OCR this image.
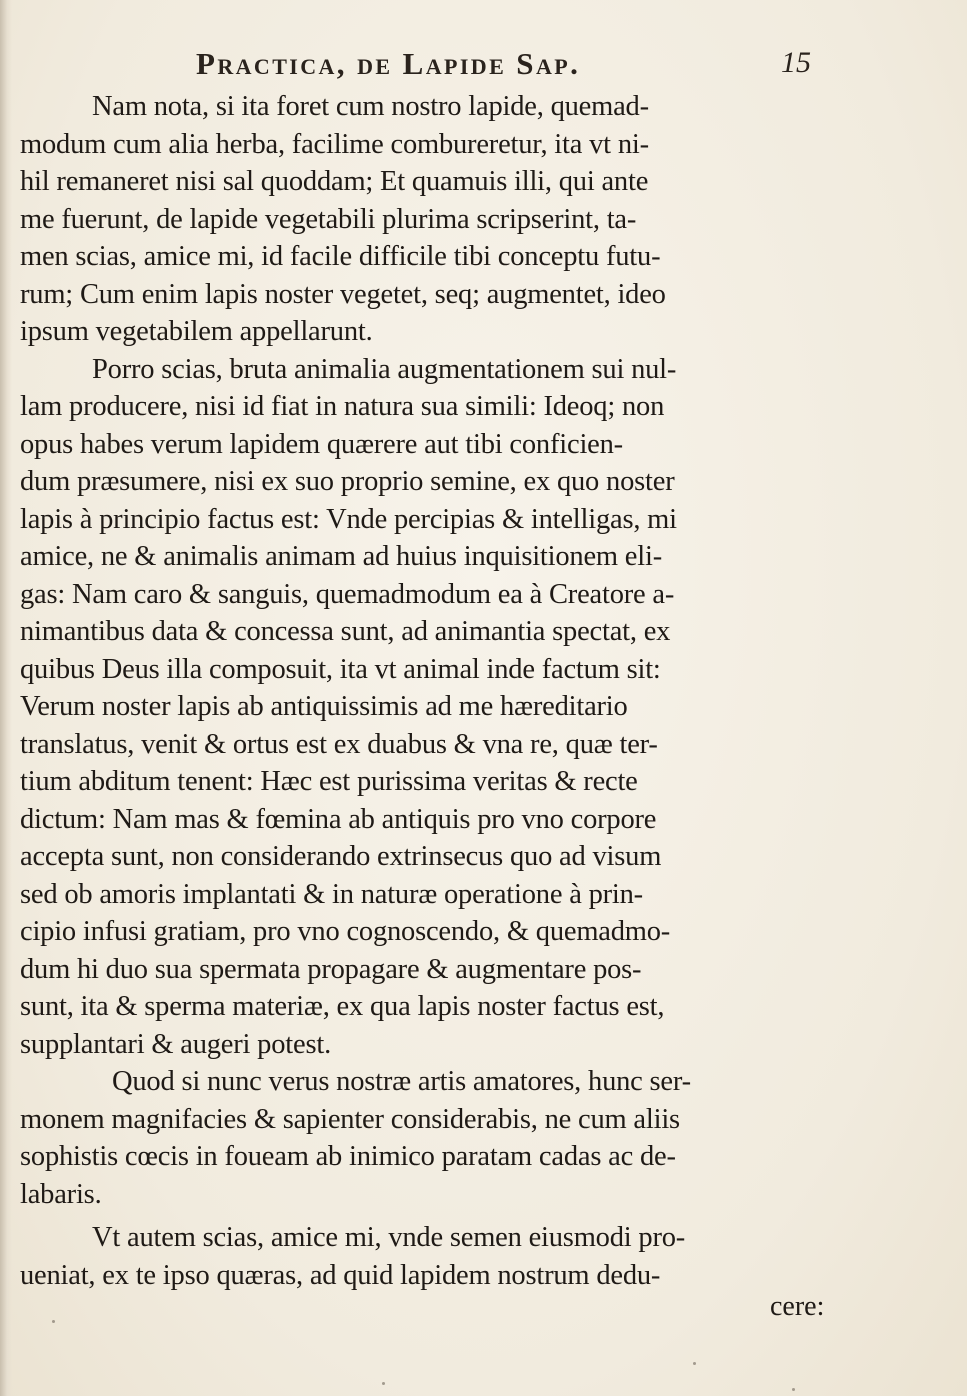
Practica, de Lapide Sap.	15
Nam nota, si ita foret cum nostro lapide, quemad-
modum cum alia herba, facilime combureretur, ita vt ni-
hil remaneret nisi sal quoddam; Et quamuis illi, qui ante
me fuerunt, de lapide vegetabili plurima scripserint, ta-
men scias, amice mi, id facile difficile tibi conceptu futu-
rum; Cum enim lapis noster vegetet, seq; augmentet, ideo
ipsum vegetabilem appellarunt.
Porro scias, bruta animalia augmentationem sui nul-
lam producere, nisi id fiat in natura sua simili: Ideoq; non
opus habes verum lapidem quærere aut tibi conficien-
dum præsumere, nisi ex suo proprio semine, ex quo noster
lapis à principio factus est: Vnde percipias & intelligas, mi
amice, ne & animalis animam ad huius inquisitionem eli-
gas: Nam caro & sanguis, quemadmodum ea à Creatore a-
nimantibus data & concessa sunt, ad animantia spectat, ex
quibus Deus illa composuit, ita vt animal inde factum sit:
Verum noster lapis ab antiquissimis ad me hæreditario
translatus, venit & ortus est ex duabus & vna re, quæ ter-
tium abditum tenent: Hæc est purissima veritas & recte
dictum: Nam mas & fœmina ab antiquis pro vno corpore
accepta sunt, non considerando extrinsecus quo ad visum
sed ob amoris implantati & in naturæ operatione à prin-
cipio infusi gratiam, pro vno cognoscendo, & quemadmo-
dum hi duo sua spermata propagare & augmentare pos-
sunt, ita & sperma materiæ, ex qua lapis noster factus est,
supplantari & augeri potest.
Quod si nunc verus nostræ artis amatores, hunc ser-
monem magnifacies & sapienter considerabis, ne cum aliis
sophistis cœcis in foueam ab inimico paratam cadas ac de-
labaris.
Vt autem scias, amice mi, vnde semen eiusmodi pro-
ueniat, ex te ipso quæras, ad quid lapidem nostrum dedu-
cere:
